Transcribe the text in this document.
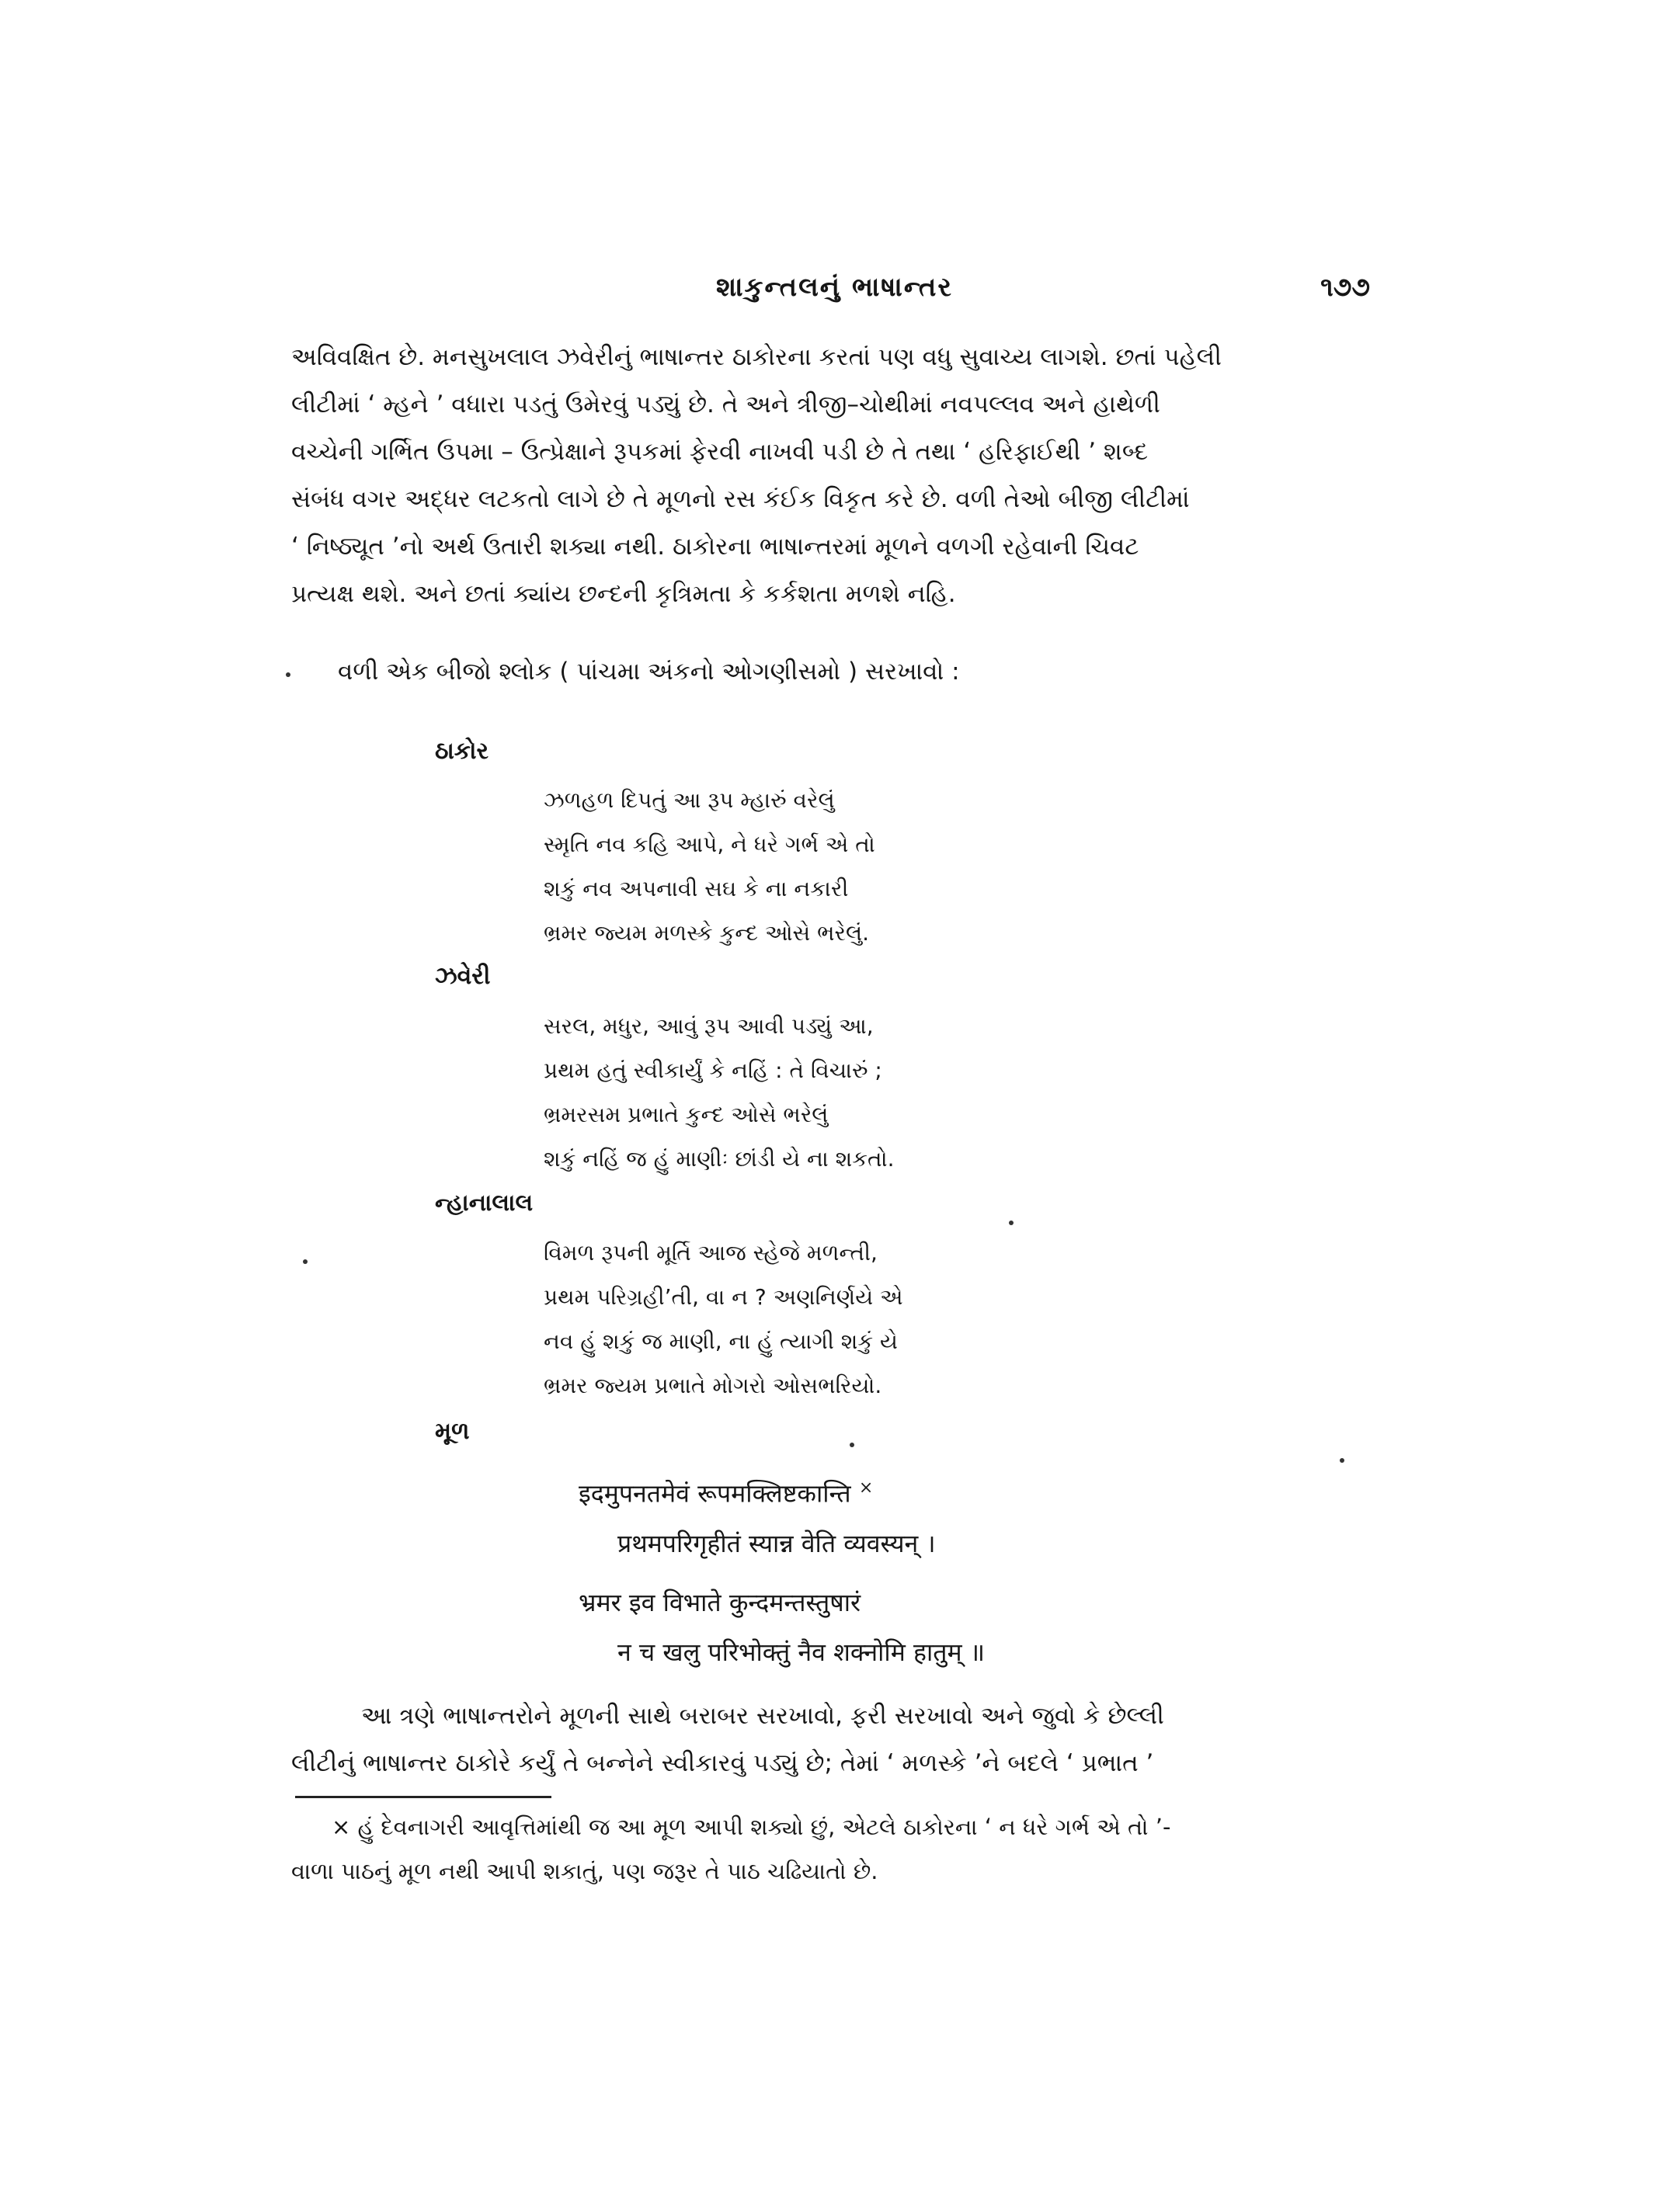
શાકુન્તલનું ભાષાન્તર	૧૭૭

અવિવક્ષિત છે. મનસુખલાલ ઝવેરીનું ભાષાન્તર ઠાકોરના કરતાં પણ વધુ સુવાચ્ય લાગશે. છતાં પહેલી

લીટીમાં ‘ મ્હને ’ વધારા પડતું ઉમેરવું પડ્યું છે. તે અને ત્રીજી–ચોથીમાં નવપલ્લવ અને હાથેળી

વચ્ચેની ગર્ભિત ઉપમા – ઉત્પ્રેક્ષાને રૂપકમાં ફેરવી નાખવી પડી છે તે તથા ‘ હરિફાઈથી ’ શબ્દ

સંબંધ વગર અદ્ધર લટકતો લાગે છે તે મૂળનો રસ કંઈક વિકૃત કરે છે. વળી તેઓ બીજી લીટીમાં

‘ નિષ્ઠ્યૂત ’નો અર્થ ઉતારી શક્યા નથી. ઠાકોરના ભાષાન્તરમાં મૂળને વળગી રહેવાની ચિવટ

પ્રત્યક્ષ થશે. અને છતાં ક્યાંય છન્દની કૃત્રિમતા કે કર્કશતા મળશે નહિ.

વળી એક બીજો શ્લોક ( પાંચમા અંકનો ઓગણીસમો ) સરખાવો :
ઠાકોર

ઝળહળ દિપતું આ રૂપ મ્હારું વરેલું

સ્મૃતિ નવ કહિ આપે, ને ધરે ગર્ભ એ તો

શકું નવ અપનાવી સઘ કે ના નકારી

ભ્રમર જ્યમ મળસ્કે કુન્દ ઓસે ભરેલું.

ઝવેરી

સરલ, મધુર, આવું રૂપ આવી પડ્યું આ,

પ્રથમ હતું સ્વીકાર્યું કે નહિં : તે વિચારું ;

ભ્રમરસમ પ્રભાતે કુન્દ ઓસે ભરેલું

શકું નહિં જ હું માણીઃ છાંડી યે ના શકતો.

ન્હાનાલાલ

વિમળ રૂપની મૂર્તિ આજ સ્હેજે મળન્તી,

પ્રથમ પરિગ્રહી’તી, વા ન ? અણનિર્ણયે એ

નવ હું શકું જ માણી, ના હું ત્યાગી શકું યે

ભ્રમર જ્યમ પ્રભાતે મોગરો ઓસભરિયો.

મૂળ

इदमुपनतमेवं रूपमक्लिष्टकान्ति ×

प्रथमपरिगृहीतं स्यान्न वेति व्यवस्यन् ।

भ्रमर इव विभाते कुन्दमन्तस्तुषारं

न च खलु परिभोक्तुं नैव शक्नोमि हातुम् ॥

આ ત્રણે ભાષાન્તરોને મૂળની સાથે બરાબર સરખાવો, ફરી સરખાવો અને જુવો કે છેલ્લી

લીટીનું ભાષાન્તર ઠાકોરે કર્યું તે બન્નેને સ્વીકારવું પડ્યું છે; તેમાં ‘ મળસ્કે ’ને બદલે ‘ પ્રભાત ’

× હું દેવનાગરી આવૃત્તિમાંથી જ આ મૂળ આપી શક્યો છું, એટલે ઠાકોરના ‘ ન ધરે ગર્ભ એ તો ’-

વાળા પાઠનું મૂળ નથી આપી શકાતું, પણ જરૂર તે પાઠ ચઢિયાતો છે.
